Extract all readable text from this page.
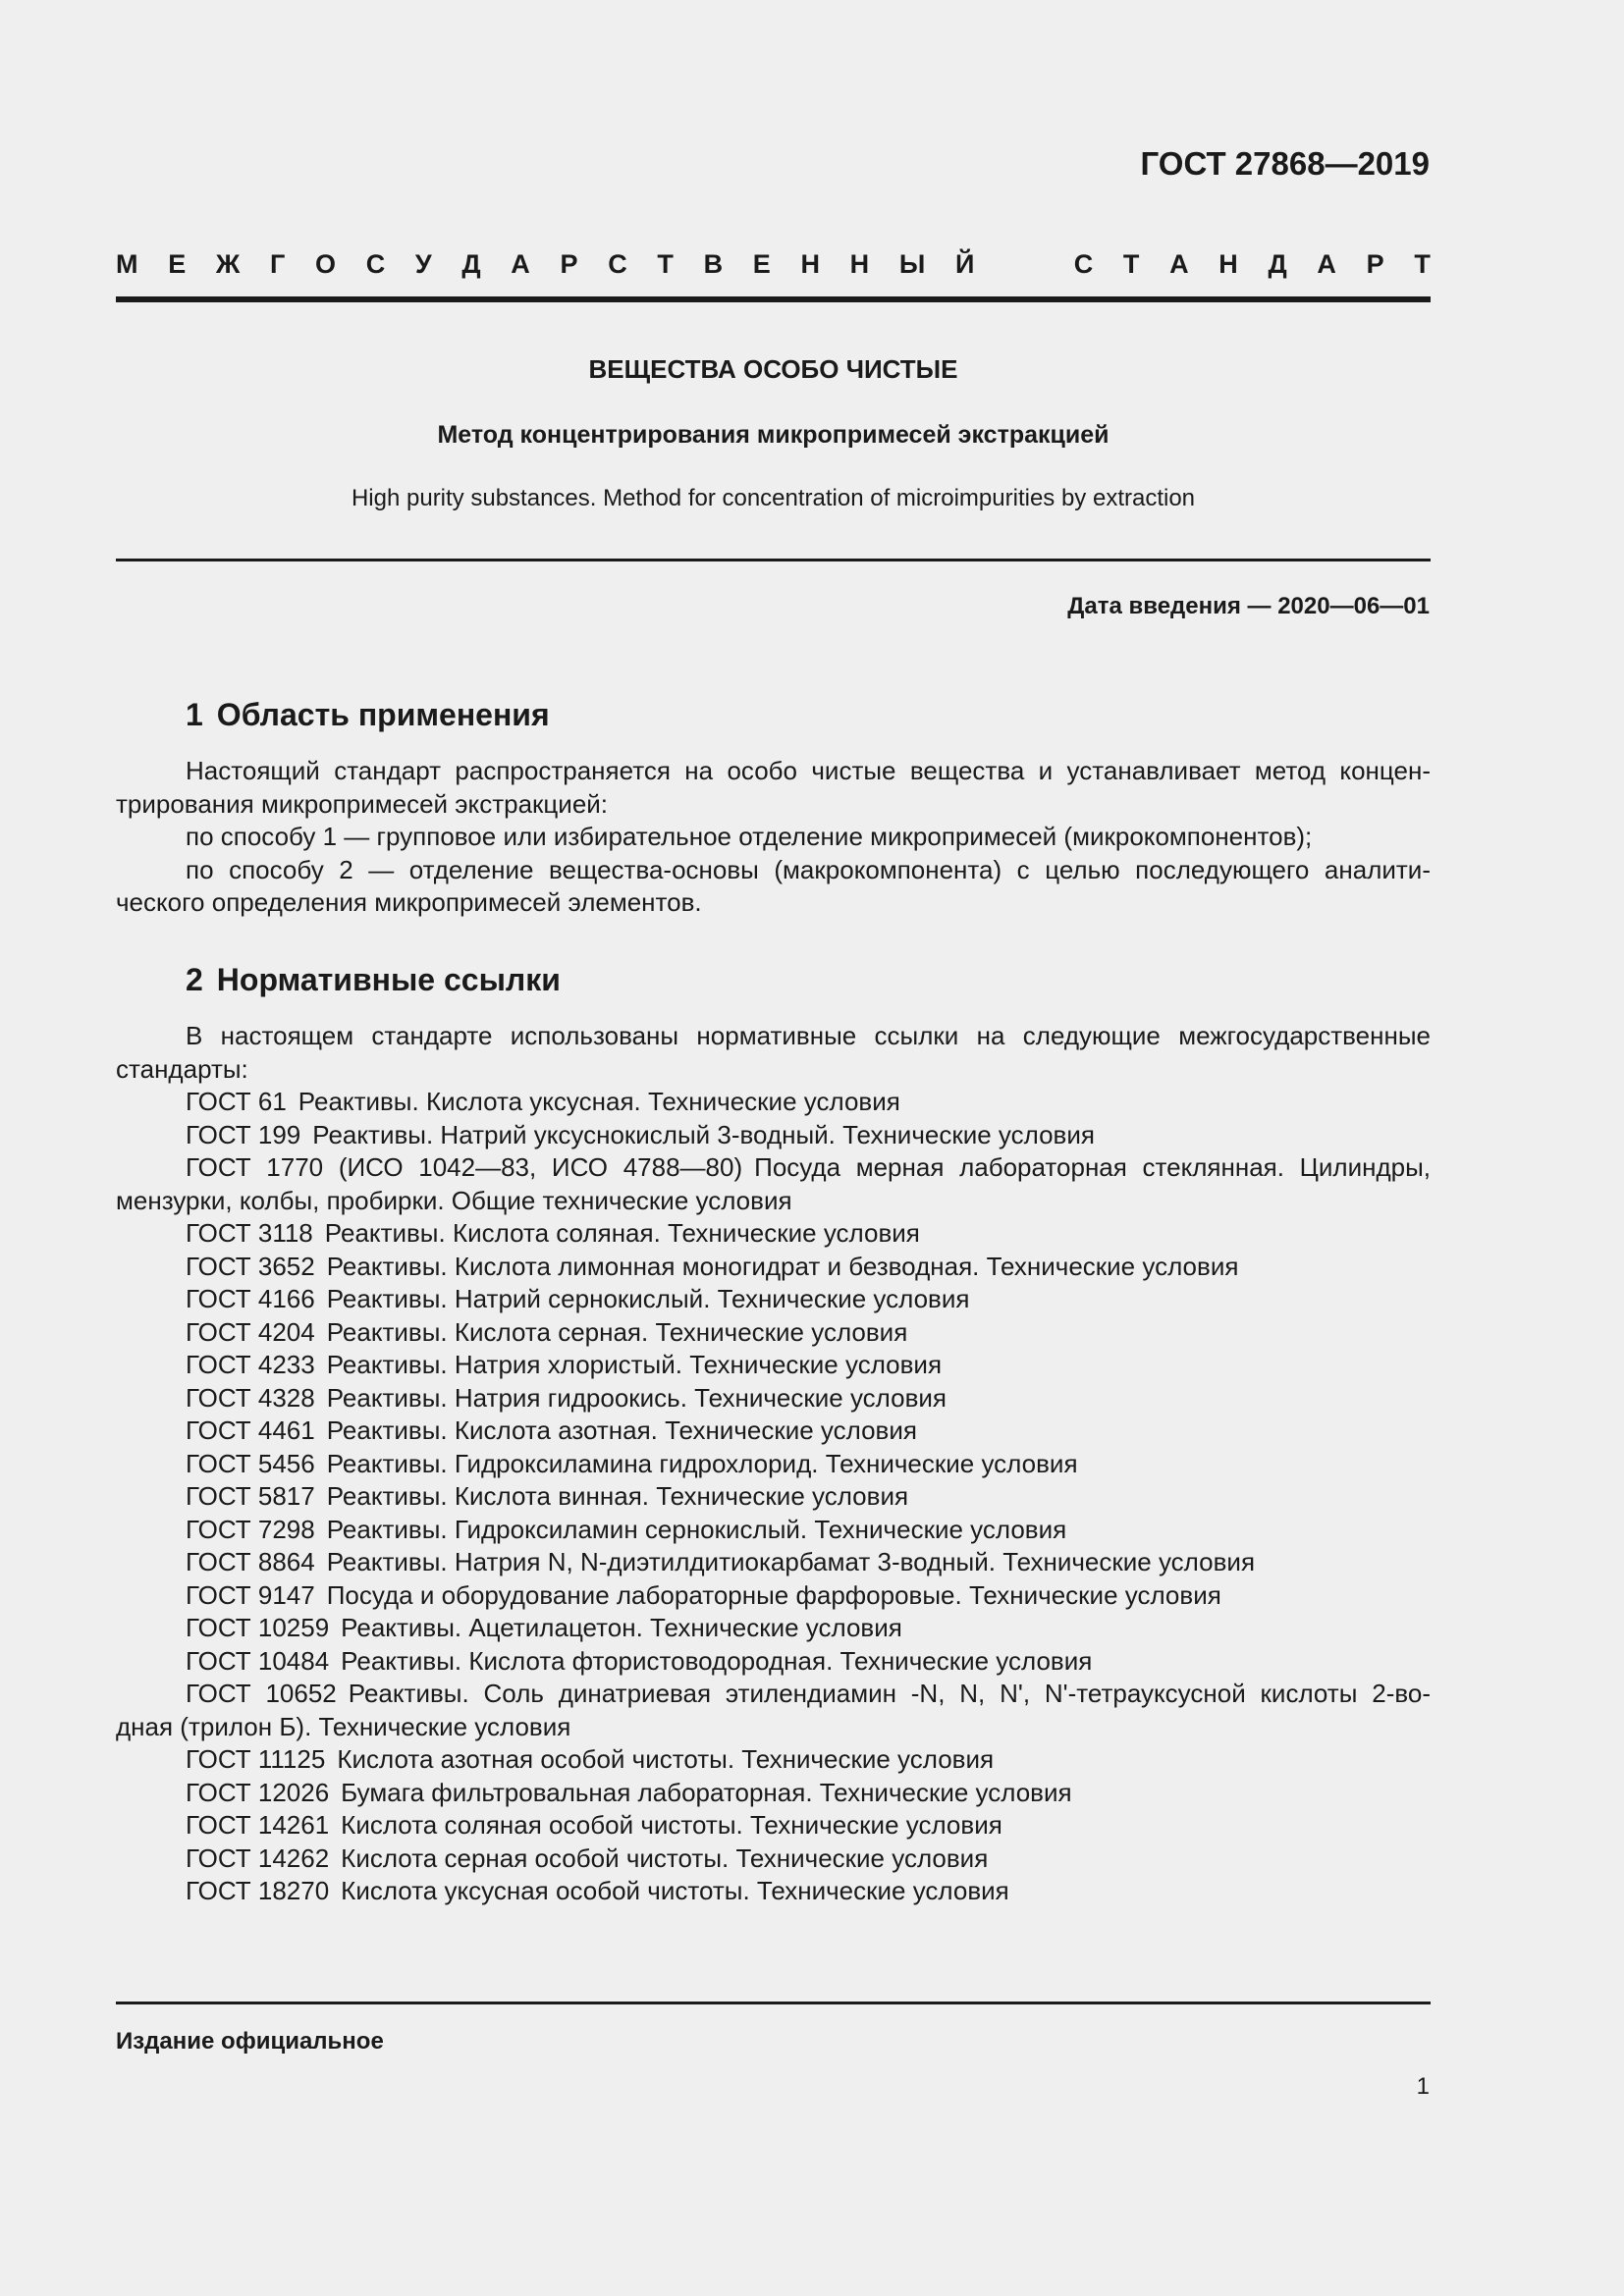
ГОСТ 27868—2019
М Е Ж Г О С У Д А Р С Т В Е Н Н Ы Й	С Т А Н Д А Р Т
ВЕЩЕСТВА ОСОБО ЧИСТЫЕ
Метод концентрирования микропримесей экстракцией
High purity substances. Method for concentration of microimpurities by extraction
Дата введения — 2020—06—01
1 Область применения
Настоящий стандарт распространяется на особо чистые вещества и устанавливает метод концен-
трирования микропримесей экстракцией:
по способу 1 — групповое или избирательное отделение микропримесей (микрокомпонентов);
по способу 2 — отделение вещества-основы (макрокомпонента) с целью последующего аналити-
ческого определения микропримесей элементов.
2 Нормативные ссылки
В настоящем стандарте использованы нормативные ссылки на следующие межгосударственные
стандарты:
ГОСТ 61 Реактивы. Кислота уксусная. Технические условия
ГОСТ 199 Реактивы. Натрий уксуснокислый 3-водный. Технические условия
ГОСТ 1770 (ИСО 1042—83, ИСО 4788—80) Посуда мерная лабораторная стеклянная. Цилиндры,
мензурки, колбы, пробирки. Общие технические условия
ГОСТ 3118 Реактивы. Кислота соляная. Технические условия
ГОСТ 3652 Реактивы. Кислота лимонная моногидрат и безводная. Технические условия
ГОСТ 4166 Реактивы. Натрий сернокислый. Технические условия
ГОСТ 4204 Реактивы. Кислота серная. Технические условия
ГОСТ 4233 Реактивы. Натрия хлористый. Технические условия
ГОСТ 4328 Реактивы. Натрия гидроокись. Технические условия
ГОСТ 4461 Реактивы. Кислота азотная. Технические условия
ГОСТ 5456 Реактивы. Гидроксиламина гидрохлорид. Технические условия
ГОСТ 5817 Реактивы. Кислота винная. Технические условия
ГОСТ 7298 Реактивы. Гидроксиламин сернокислый. Технические условия
ГОСТ 8864 Реактивы. Натрия N, N-диэтилдитиокарбамат 3-водный. Технические условия
ГОСТ 9147 Посуда и оборудование лабораторные фарфоровые. Технические условия
ГОСТ 10259 Реактивы. Ацетилацетон. Технические условия
ГОСТ 10484 Реактивы. Кислота фтористоводородная. Технические условия
ГОСТ 10652 Реактивы. Соль динатриевая этилендиамин -N, N, N', N'-тетрауксусной кислоты 2-во-
дная (трилон Б). Технические условия
ГОСТ 11125 Кислота азотная особой чистоты. Технические условия
ГОСТ 12026 Бумага фильтровальная лабораторная. Технические условия
ГОСТ 14261 Кислота соляная особой чистоты. Технические условия
ГОСТ 14262 Кислота серная особой чистоты. Технические условия
ГОСТ 18270 Кислота уксусная особой чистоты. Технические условия
Издание официальное
1
